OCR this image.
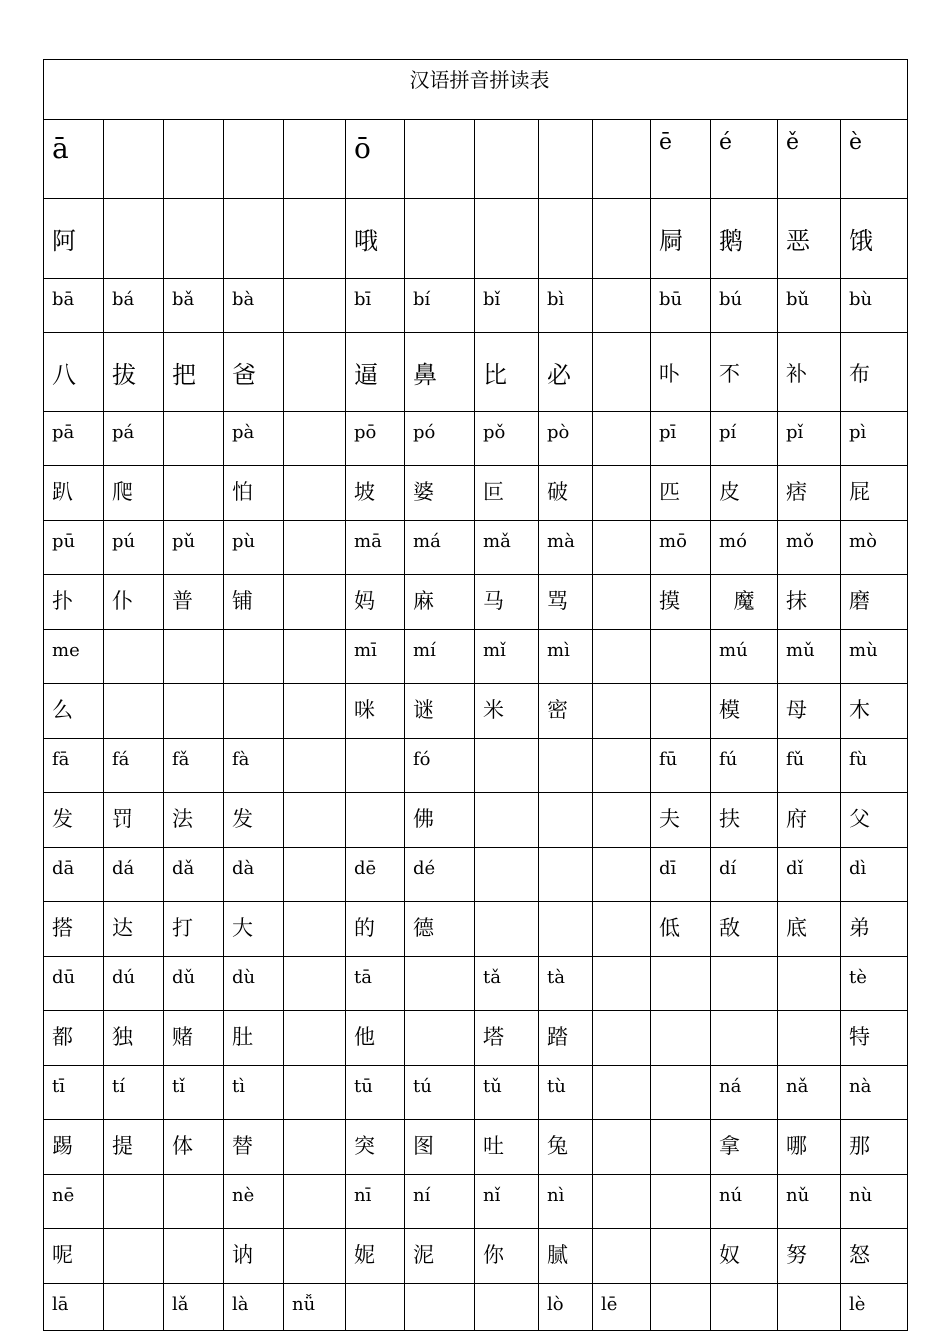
汉语拼音拼读表													
ā					ō					ē	é	ě	è
阿					哦					屙	鹅	恶	饿
bā	bá	bǎ	bà		bī	bí	bǐ	bì		bū	bú	bǔ	bù
八	拔	把	爸		逼	鼻	比	必		卟	不	补	布
pā	pá		pà		pō	pó	pǒ	pò		pī	pí	pǐ	pì
趴	爬		怕		坡	婆	叵	破		匹	皮	痞	屁
pū	pú	pǔ	pù		mā	má	mǎ	mà		mō	mó	mǒ	mò
扑	仆	普	铺		妈	麻	马	骂		摸	魔	抹	磨
me					mī	mí	mǐ	mì			mú	mǔ	mù
么					咪	谜	米	密			模	母	木
fā	fá	fǎ	fà			fó				fū	fú	fǔ	fù
发	罚	法	发			佛				夫	扶	府	父
dā	dá	dǎ	dà		dē	dé				dī	dí	dǐ	dì
搭	达	打	大		的	德				低	敌	底	弟
dū	dú	dǔ	dù		tā		tǎ	tà					tè
都	独	赌	肚		他		塔	踏					特
tī	tí	tǐ	tì		tū	tú	tǔ	tù			ná	nǎ	nà
踢	提	体	替		突	图	吐	兔			拿	哪	那
nē			nè		nī	ní	nǐ	nì			nú	nǔ	nù
呢			讷		妮	泥	你	腻			奴	努	怒
lā		lǎ	là	nǚ				lò	lē				lè
